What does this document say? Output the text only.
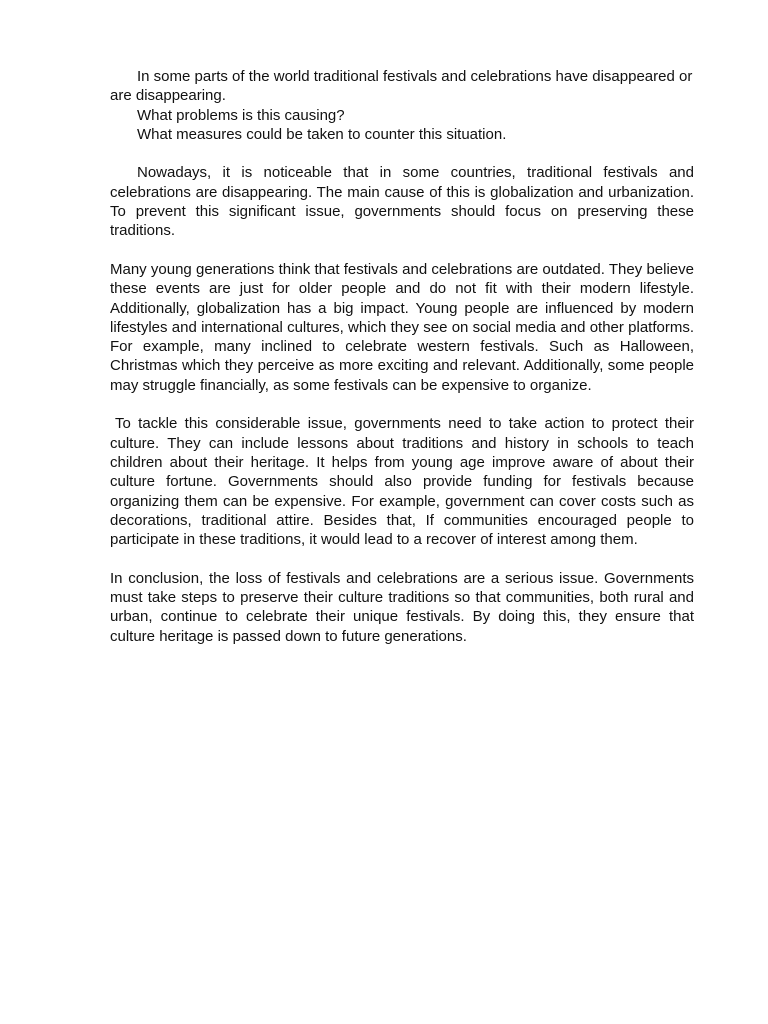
In some parts of the world traditional festivals and celebrations have disappeared or are disappearing.

What problems is this causing?

What measures could be taken to counter this situation.

Nowadays, it is noticeable that in some countries, traditional festivals and celebrations are disappearing. The main cause of this is globalization and urbanization. To prevent this significant issue, governments should focus on preserving these traditions.

Many young generations think that festivals and celebrations are outdated. They believe these events are just for older people and do not fit with their modern lifestyle. Additionally, globalization has a big impact. Young people are influenced by modern lifestyles and international cultures, which they see on social media and other platforms. For example, many inclined to celebrate western festivals. Such as Halloween, Christmas which they perceive as more exciting and relevant. Additionally, some people may struggle financially, as some festivals can be expensive to organize.

To tackle this considerable issue, governments need to take action to protect their culture. They can include lessons about traditions and history in schools to teach children about their heritage. It helps from young age improve aware of about their culture fortune. Governments should also provide funding for festivals because organizing them can be expensive. For example, government can cover costs such as decorations, traditional attire. Besides that, If communities encouraged people to participate in these traditions, it would lead to a recover of interest among them.

In conclusion, the loss of festivals and celebrations are a serious issue. Governments must take steps to preserve their culture traditions so that communities, both rural and urban, continue to celebrate their unique festivals. By doing this, they ensure that culture heritage is passed down to future generations.
